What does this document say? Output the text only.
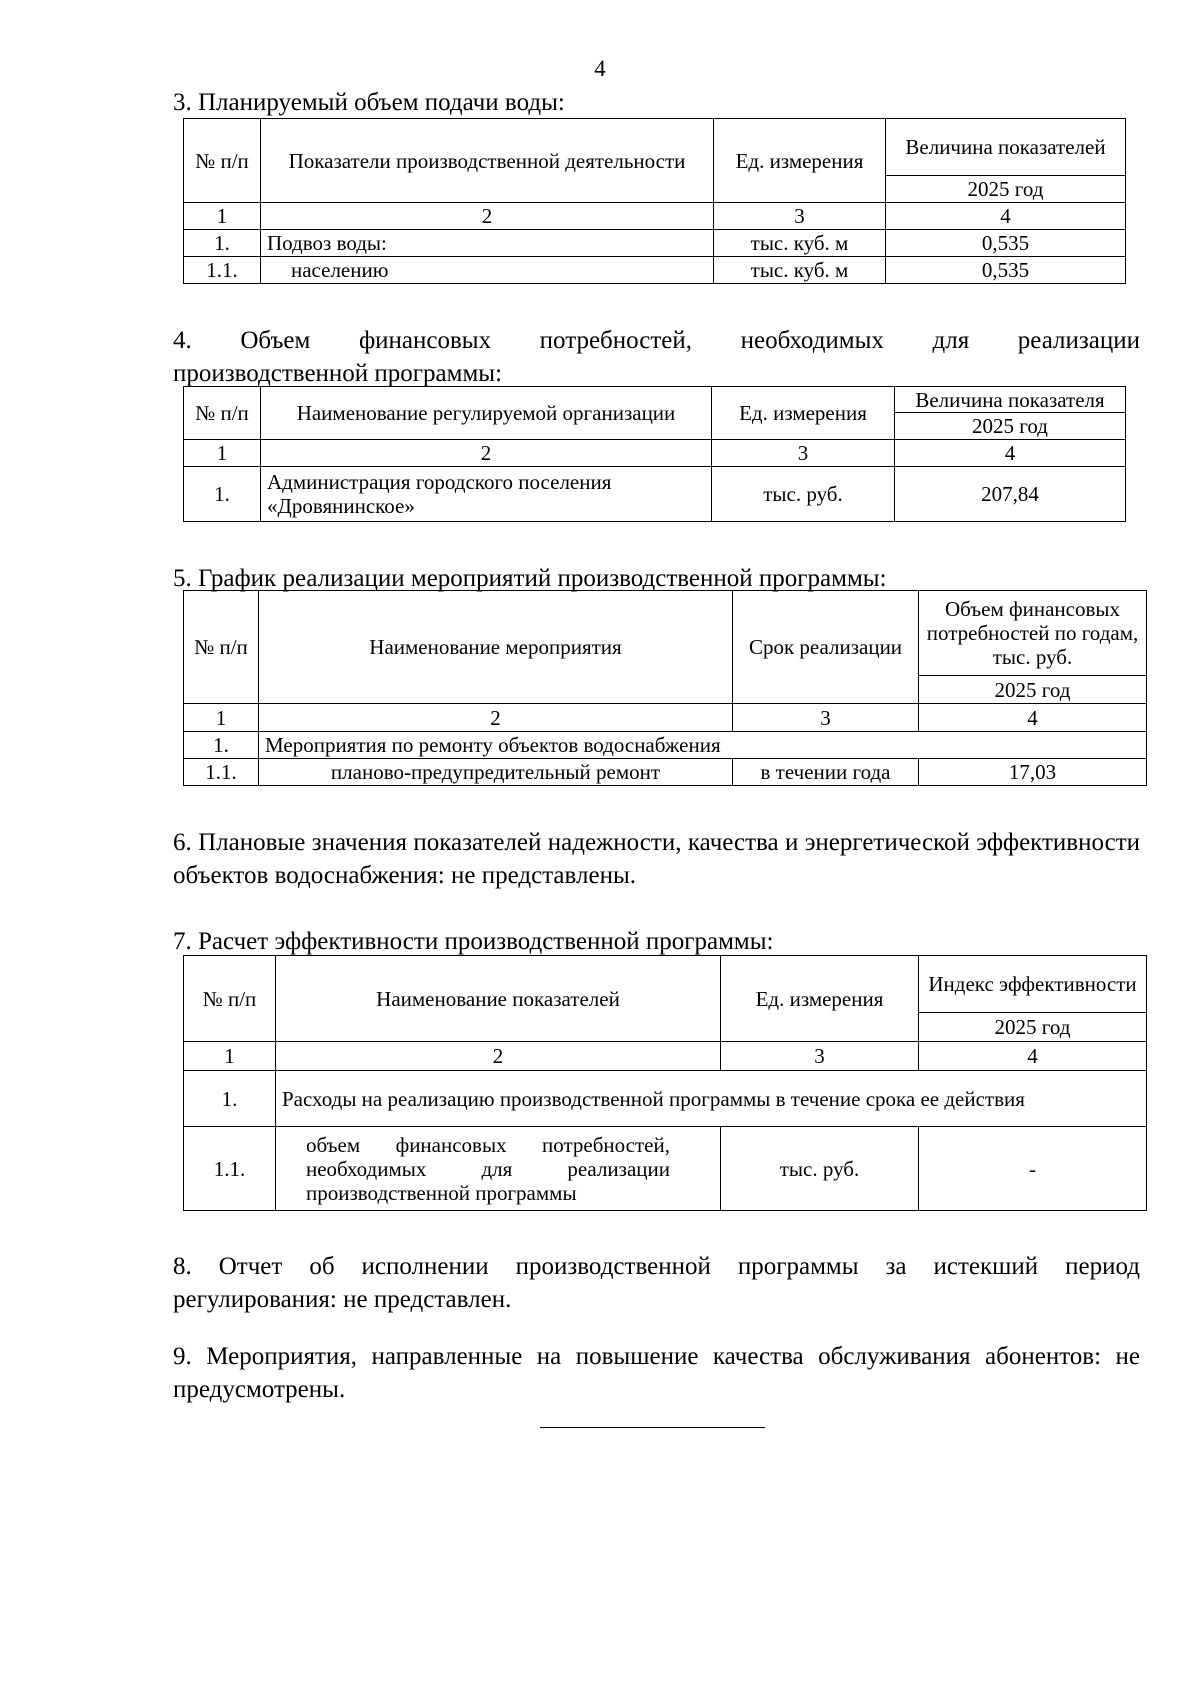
4
3. Планируемый объем подачи воды:
№ п/п	Показатели производственной деятельности	Ед. измерения	Величина показателей
			2025 год
1	2	3	4
1.	Подвоз воды:	тыс. куб. м	0,535
1.1.	населению	тыс. куб. м	0,535

4. Объем финансовых потребностей, необходимых для реализации

производственной программы:

№ п/п	Наименование регулируемой организации	Ед. измерения	Величина показателя
			2025 год
1	2	3	4
1.	Администрация городского поселения «Дровянинское»	тыс. руб.	207,84
5. График реализации мероприятий производственной программы:
№ п/п	Наименование мероприятия	Срок реализации	Объем финансовых потребностей по годам, тыс. руб.
			2025 год
1	2	3	4
1.	Мероприятия по ремонту объектов водоснабжения		
1.1.	планово-предупредительный ремонт	в течении года	17,03

6. Плановые значения показателей надежности, качества и энергетической эффективности объектов водоснабжения: не представлены.

7. Расчет эффективности производственной программы:
№ п/п	Наименование показателей	Ед. измерения	Индекс эффективности
			2025 год
1	2	3	4
1.	Расходы на реализацию производственной программы в течение срока ее действия		
1.1.	объем финансовых потребностей, необходимых для реализации производственной программы	тыс. руб.	-

8. Отчет об исполнении производственной программы за истекший период регулирования: не представлен.

9. Мероприятия, направленные на повышение качества обслуживания абонентов: не предусмотрены.
